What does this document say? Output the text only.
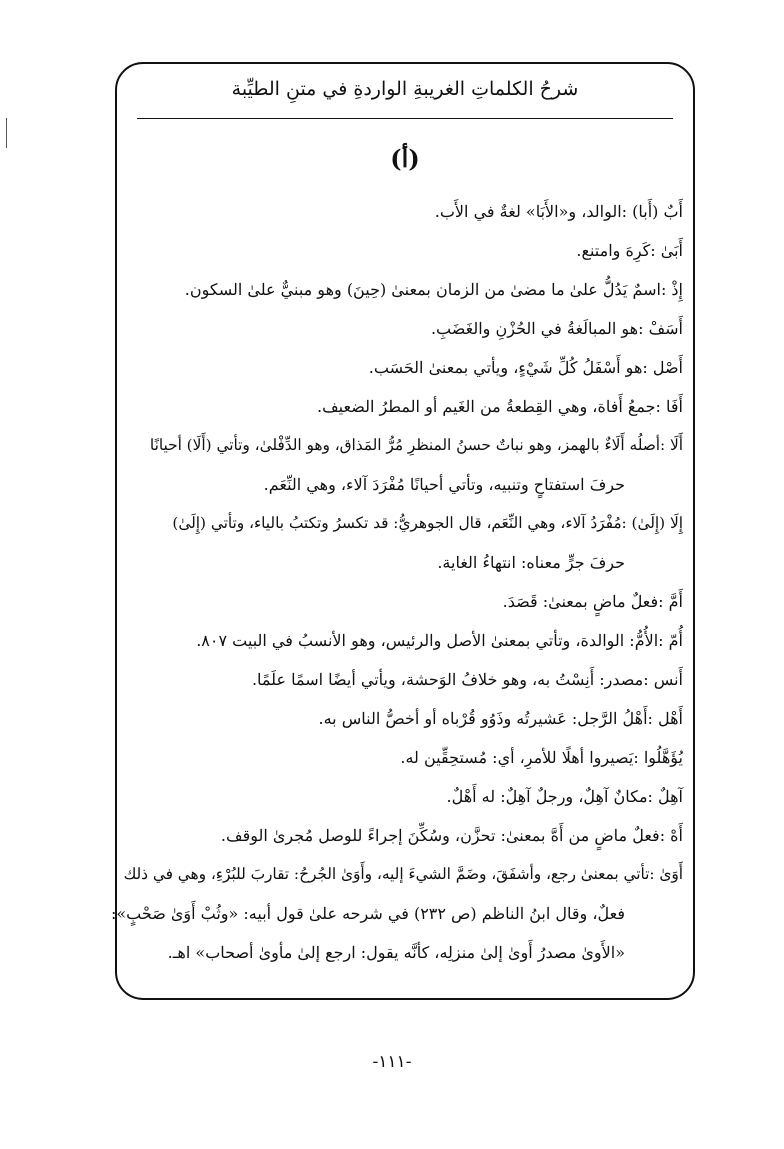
شرحُ الكلماتِ الغريبةِ الواردةِ في متنِ الطيِّبة
(أ)
أَبٌ (أَبا) :الوالد، و«الأَبَا» لغةٌ في الأَب.
أَبَىٰ :كَرِهَ وامتنع.
إِذْ :اسمٌ يَدُلُّ علىٰ ما مضىٰ من الزمان بمعنىٰ (حِينَ) وهو مبنيٌّ علىٰ السكون.
أَسَفْ :هو المبالَغةُ في الحُزْنِ والغَضَبِ.
أَصْل :هو أَسْفَلُ كُلِّ شَيْءٍ، ويأتي بمعنىٰ الحَسَب.
أَفَا :جمعُ أَفاة، وهي القِطعةُ من الغَيم أو المطرُ الضعيف.
أَلَا :أصلُه أَلَاءٌ بالهمز، وهو نباتٌ حسنُ المنظرِ مُرُّ المَذاق، وهو الدِّفْلىٰ، وتأتي (أَلَا) أحيانًا
حرفَ استفتاحٍ وتنبيه، وتأتي أحيانًا مُفْرَدَ آلاء، وهي النِّعَم.
إِلَا (إِلَىٰ) :مُفْرَدُ آلاء، وهي النِّعَم، قال الجوهريُّ: قد تكسرُ وتكتبُ بالياء، وتأتي (إِلَىٰ)
حرفَ جرٍّ معناه: انتهاءُ الغاية.
أَمَّ :فعلٌ ماضٍ بمعنىٰ: قَصَدَ.
أُمّ :الأُمُّ: الوالدة، وتأتي بمعنىٰ الأصل والرئيس، وهو الأنسبُ في البيت ٨٠٧.
أَنس :مصدر: أَنِسْتُ به، وهو خلافُ الوَحشة، ويأتي أيضًا اسمًا علَمًا.
أَهْل :أَهْلُ الرَّجل: عَشيرتُه وذَوُو قُرْباه أو أخصُّ الناس به.
يُؤَهَّلُوا :يَصيروا أهلًا للأمرِ، أي: مُستحِقِّين له.
آهِلٌ :مكانٌ آهِلٌ، ورجلٌ آهِلٌ: له أَهْلٌ.
أَهْ :فعلٌ ماضٍ من أَهَّ بمعنىٰ: تحزَّن، وسُكِّنَ إجراءً للوصل مُجرىٰ الوقف.
أَوَىٰ :تأتي بمعنىٰ رجع، وأشفَقَ، وضَمَّ الشيءَ إليه، وأَوَىٰ الجُرحُ: تقاربَ للبُرْءِ، وهي في ذلك
فعلٌ، وقال ابنُ الناظم (ص ٢٣٢) في شرحه علىٰ قول أبيه: «وثُبْ أَوَىٰ صَحْبٍ»:
«الأَوىٰ مصدرُ أَوىٰ إلىٰ منزلِه، كأنَّه يقول: ارجع إلىٰ مأوىٰ أصحاب» اهـ.
-١١١-
